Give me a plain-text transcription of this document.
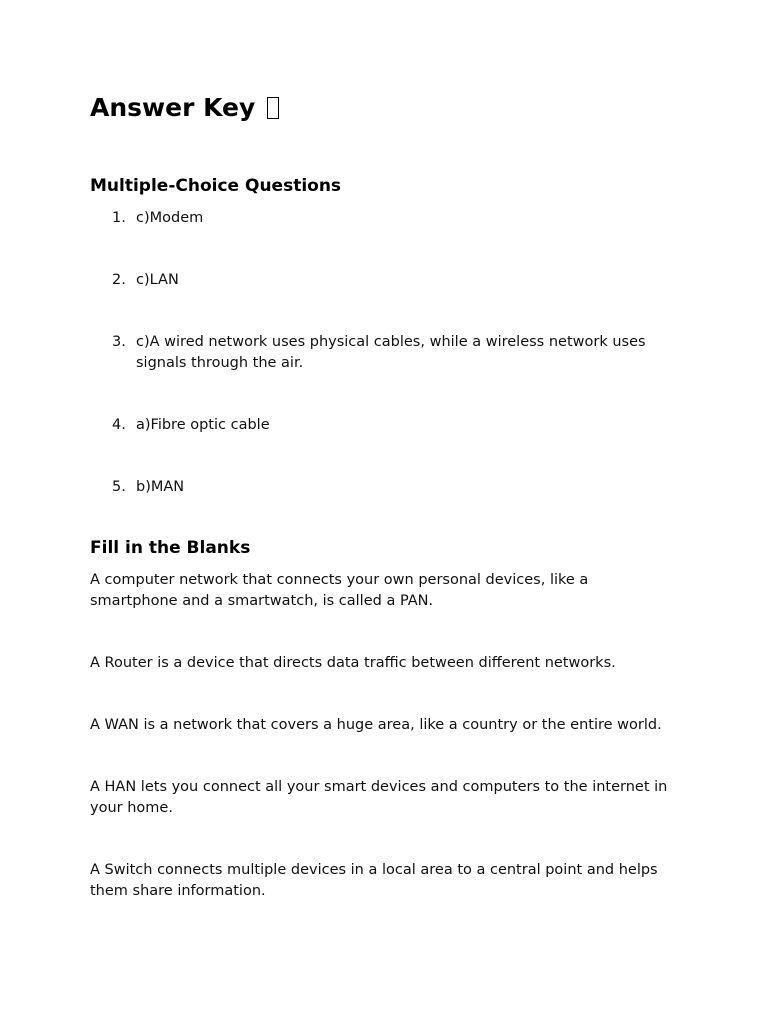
Answer Key
Multiple-Choice Questions
1. c)Modem
2. c)LAN
3. c)A wired network uses physical cables, while a wireless network uses signals through the air.
4. a)Fibre optic cable
5. b)MAN
Fill in the Blanks

A computer network that connects your own personal devices, like a smartphone and a smartwatch, is called a PAN.

A Router is a device that directs data traffic between different networks.

A WAN is a network that covers a huge area, like a country or the entire world.

A HAN lets you connect all your smart devices and computers to the internet in your home.

A Switch connects multiple devices in a local area to a central point and helps them share information.
